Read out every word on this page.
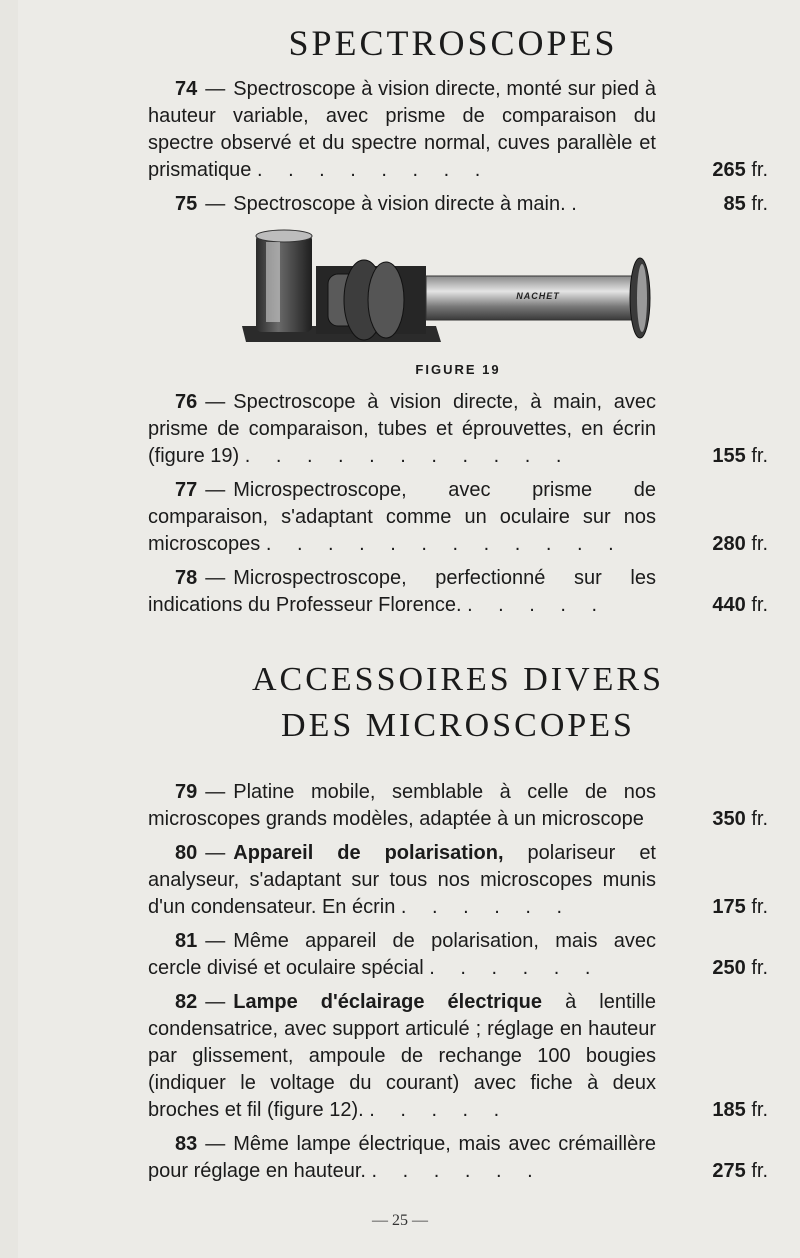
SPECTROSCOPES

74 — Spectroscope à vision directe, monté sur pied à hauteur variable, avec prisme de comparaison du spectre observé et du spectre normal, cuves parallèle et prismatique . . . . . . . .	265 fr.

75 — Spectroscope à vision directe à main. .	85 fr.
NACHET
FIGURE 19

76 — Spectroscope à vision directe, à main, avec prisme de comparaison, tubes et éprouvettes, en écrin (figure 19) . . . . . . . . . . .	155 fr.

77 — Microspectroscope, avec prisme de comparaison, s'adaptant comme un oculaire sur nos microscopes . . . . . . . . . . . .	280 fr.

78 — Microspectroscope, perfectionné sur les indications du Professeur Florence. . . . . .	440 fr.
ACCESSOIRES DIVERS
DES MICROSCOPES

79 — Platine mobile, semblable à celle de nos microscopes grands modèles, adaptée à un microscope	350 fr.

80 — Appareil de polarisation, polariseur et analyseur, s'adaptant sur tous nos microscopes munis d'un condensateur. En écrin . . . . . .	175 fr.

81 — Même appareil de polarisation, mais avec cercle divisé et oculaire spécial . . . . . .	250 fr.

82 — Lampe d'éclairage électrique à lentille condensatrice, avec support articulé ; réglage en hauteur par glissement, ampoule de rechange 100 bougies (indiquer le voltage du courant) avec fiche à deux broches et fil (figure 12). . . . . .	185 fr.

83 — Même lampe électrique, mais avec crémaillère pour réglage en hauteur. . . . . . .	275 fr.
— 25 —
